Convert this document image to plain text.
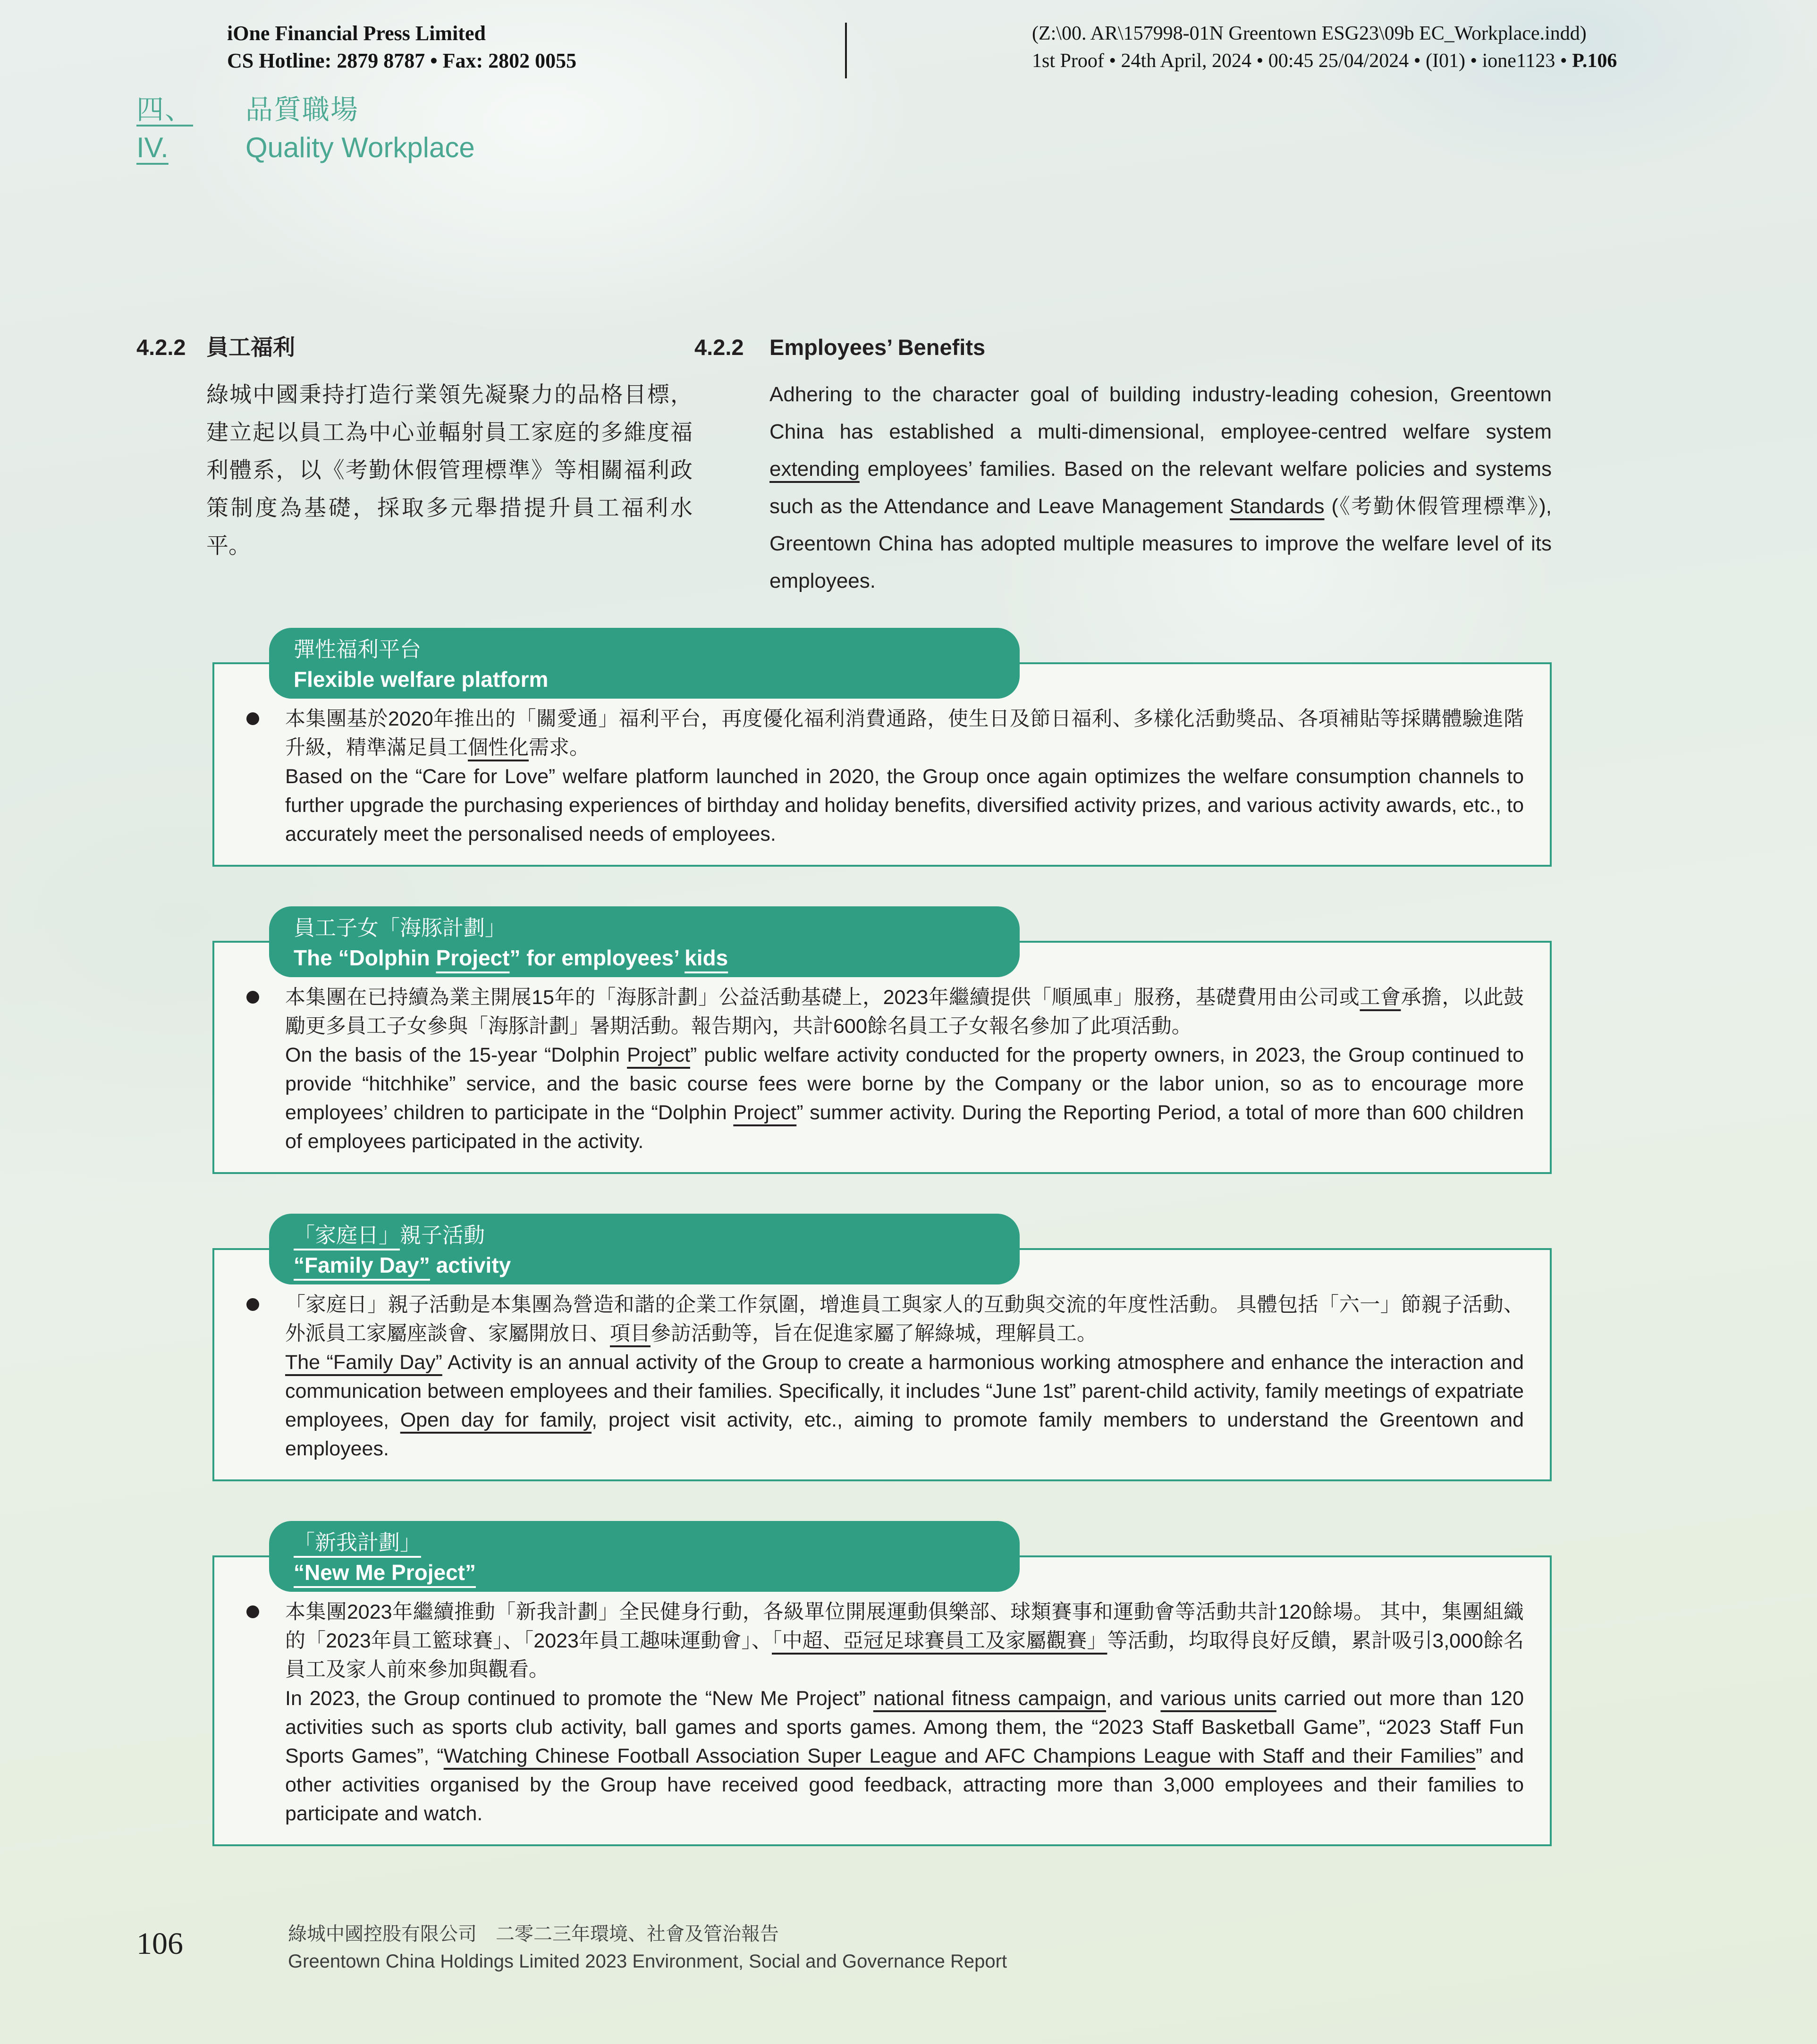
iOne Financial Press Limited
CS Hotline: 2879 8787 • Fax: 2802 0055
(Z:\00. AR\157998-01N Greentown ESG23\09b EC_Workplace.indd)
1st Proof • 24th April, 2024 • 00:45 25/04/2024 • (I01) • ione1123 • P.106
四、	品質職場
IV.	Quality Workplace
4.2.2 員工福利
綠城中國秉持打造行業領先凝聚力的品格目標，建立起以員工為中心並輻射員工家庭的多維度福利體系，以《考勤休假管理標準》等相關福利政策制度為基礎，採取多元舉措提升員工福利水平。
4.2.2	Employees’ Benefits
Adhering to the character goal of building industry-leading cohesion, Greentown China has established a multi-dimensional, employee-centred welfare system extending employees’ families. Based on the relevant welfare policies and systems such as the Attendance and Leave Management Standards (《考勤休假管理標準》), Greentown China has adopted multiple measures to improve the welfare level of its employees.
彈性福利平台
Flexible welfare platform
本集團基於2020年推出的「關愛通」福利平台，再度優化福利消費通路，使生日及節日福利、多樣化活動獎品、各項補貼等採購體驗進階升級，精準滿足員工個性化需求。
Based on the “Care for Love” welfare platform launched in 2020, the Group once again optimizes the welfare consumption channels to further upgrade the purchasing experiences of birthday and holiday benefits, diversified activity prizes, and various activity awards, etc., to accurately meet the personalised needs of employees.
員工子女「海豚計劃」
The “Dolphin Project” for employees’ kids
本集團在已持續為業主開展15年的「海豚計劃」公益活動基礎上，2023年繼續提供「順風車」服務，基礎費用由公司或工會承擔，以此鼓勵更多員工子女參與「海豚計劃」暑期活動。報告期內，共計600餘名員工子女報名參加了此項活動。
On the basis of the 15-year “Dolphin Project” public welfare activity conducted for the property owners, in 2023, the Group continued to provide “hitchhike” service, and the basic course fees were borne by the Company or the labor union, so as to encourage more employees’ children to participate in the “Dolphin Project” summer activity. During the Reporting Period, a total of more than 600 children of employees participated in the activity.
「家庭日」親子活動
“Family Day” activity
「家庭日」親子活動是本集團為營造和諧的企業工作氛圍，增進員工與家人的互動與交流的年度性活動。 具體包括「六一」節親子活動、外派員工家屬座談會、家屬開放日、項目參訪活動等，旨在促進家屬了解綠城，理解員工。
The “Family Day” Activity is an annual activity of the Group to create a harmonious working atmosphere and enhance the interaction and communication between employees and their families. Specifically, it includes “June 1st” parent-child activity, family meetings of expatriate employees, Open day for family, project visit activity, etc., aiming to promote family members to understand the Greentown and employees.
「新我計劃」
“New Me Project”
本集團2023年繼續推動「新我計劃」全民健身行動，各級單位開展運動俱樂部、球類賽事和運動會等活動共計120餘場。 其中，集團組織的「2023年員工籃球賽」、「2023年員工趣味運動會」、「中超、亞冠足球賽員工及家屬觀賽」等活動，均取得良好反饋，累計吸引3,000餘名員工及家人前來參加與觀看。
In 2023, the Group continued to promote the “New Me Project” national fitness campaign, and various units carried out more than 120 activities such as sports club activity, ball games and sports games. Among them, the “2023 Staff Basketball Game”, “2023 Staff Fun Sports Games”, “Watching Chinese Football Association Super League and AFC Champions League with Staff and their Families” and other activities organised by the Group have received good feedback, attracting more than 3,000 employees and their families to participate and watch.
106	綠城中國控股有限公司　二零二三年環境、社會及管治報告
Greentown China Holdings Limited 2023 Environment, Social and Governance Report
